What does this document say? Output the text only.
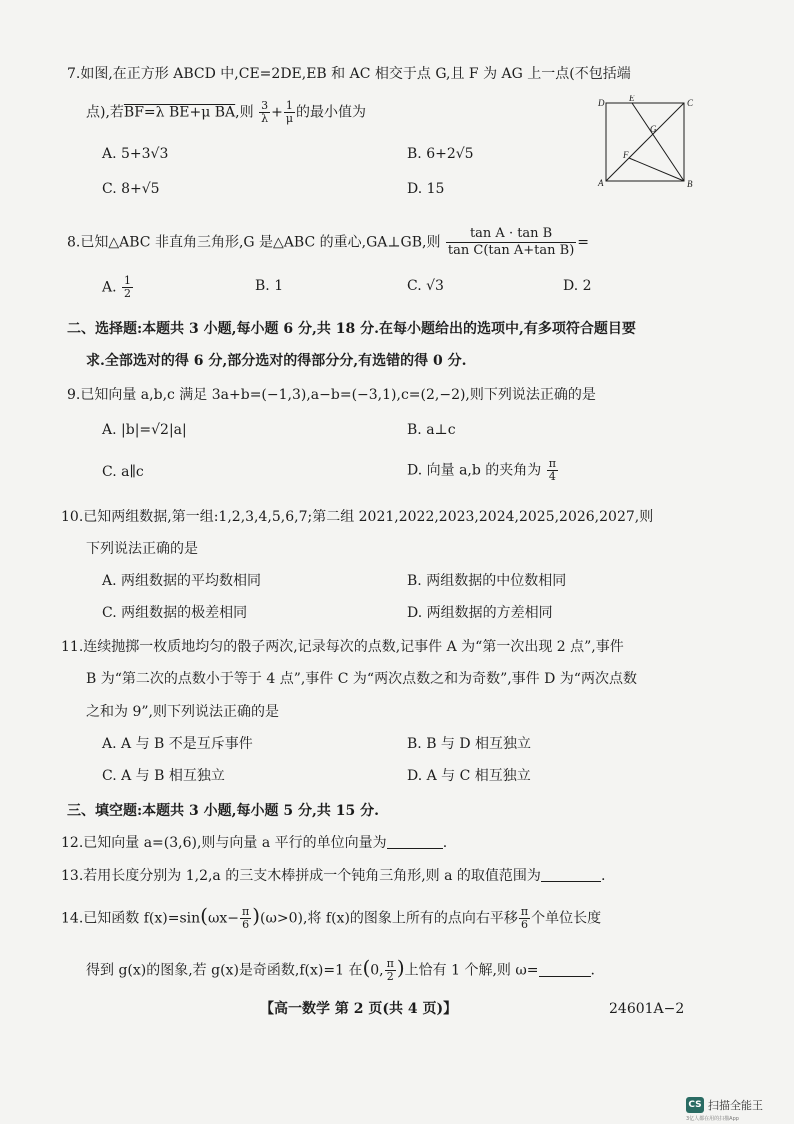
7.如图,在正方形 ABCD 中,CE=2DE,EB 和 AC 相交于点 G,且 F 为 AG 上一点(不包括端
点),若BF=λ BE+μ BA,则 $\frac{3}{\lambda} + \frac{1}{\mu}$ 的最小值为
A. 5+3√3	B. 6+2√5
C. 8+√5	D. 15
D	E	C
G
F
A	B
8.已知△ABC 非直角三角形,G 是△ABC 的重心,GA⊥GB,则 $\frac{\text{tan A · tan B}}{\text{tan C(tan A+tan B)}}$ =
A. $\frac{1}{2}$	B. 1	C. √3	D. 2
二、选择题:本题共 3 小题,每小题 6 分,共 18 分.在每小题给出的选项中,有多项符合题目要
求.全部选对的得 6 分,部分选对的得部分分,有选错的得 0 分.
9.已知向量 a,b,c 满足 3a+b=(−1,3),a−b=(−3,1),c=(2,−2),则下列说法正确的是
A. |b|=√2|a|	B. a⊥c
C. a∥c	D. 向量 a,b 的夹角为 $\frac{\pi}{4}$
10.已知两组数据,第一组:1,2,3,4,5,6,7;第二组 2021,2022,2023,2024,2025,2026,2027,则
下列说法正确的是
A. 两组数据的平均数相同	B. 两组数据的中位数相同
C. 两组数据的极差相同	D. 两组数据的方差相同
11.连续抛掷一枚质地均匀的骰子两次,记录每次的点数,记事件 A 为“第一次出现 2 点”,事件
B 为“第二次的点数小于等于 4 点”,事件 C 为“两次点数之和为奇数”,事件 D 为“两次点数
之和为 9”,则下列说法正确的是
A. A 与 B 不是互斥事件	B. B 与 D 相互独立
C. A 与 B 相互独立	D. A 与 C 相互独立
三、填空题:本题共 3 小题,每小题 5 分,共 15 分.
12.已知向量 a=(3,6),则与向量 a 平行的单位向量为	.
13.若用长度分别为 1,2,a 的三支木棒拼成一个钝角三角形,则 a 的取值范围为	.
14.已知函数 $f(x)=\sin(\omega x- \frac{\pi}{6} )(\omega>0)$,将 f(x)的图象上所有的点向右平移 $\frac{\pi}{6}$ 个单位长度
得到 g(x)的图象,若 g(x)是奇函数,f(x)=1 在(0, $\frac{\pi}{2}$ )上恰有 1 个解,则 ω=	.
【高一数学 第 2 页(共 4 页)】	24601A−2
CS 扫描全能王
3亿人都在用的扫描App
